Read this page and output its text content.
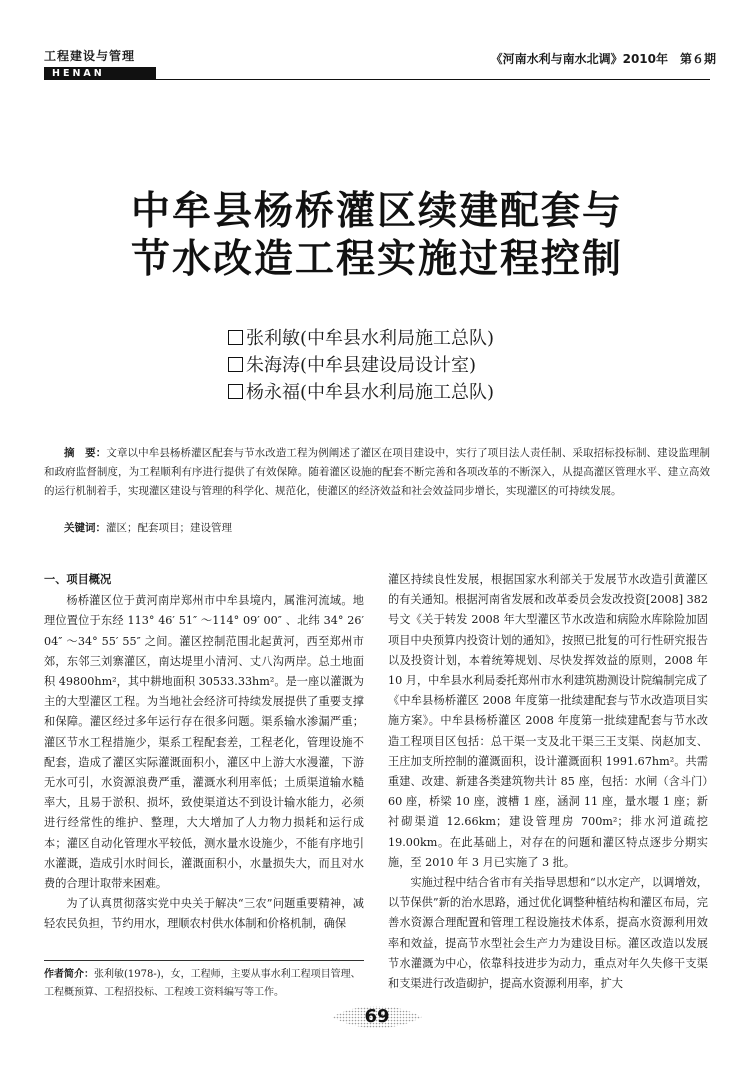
工程建设与管理	《河南水利与南水北调》2010年　第６期
HENAN
中牟县杨桥灌区续建配套与
节水改造工程实施过程控制
张利敏(中牟县水利局施工总队)
朱海涛(中牟县建设局设计室)
杨永福(中牟县水利局施工总队)
摘　要：文章以中牟县杨桥灌区配套与节水改造工程为例阐述了灌区在项目建设中，实行了项目法人责任制、采取招标投标制、建设监理制和政府监督制度，为工程顺利有序进行提供了有效保障。随着灌区设施的配套不断完善和各项改革的不断深入，从提高灌区管理水平、建立高效的运行机制着手，实现灌区建设与管理的科学化、规范化，使灌区的经济效益和社会效益同步增长，实现灌区的可持续发展。
关键词：灌区；配套项目；建设管理
一、项目概况

杨桥灌区位于黄河南岸郑州市中牟县境内，属淮河流域。地理位置位于东经 113° 46′ 51″ ～114° 09′ 00″ 、北纬 34° 26′ 04″ ～34° 55′ 55″ 之间。灌区控制范围北起黄河，西至郑州市郊，东邻三刘寨灌区，南达堤里小清河、丈八沟两岸。总土地面积 49800hm²，其中耕地面积 30533.33hm²。是一座以灌溉为主的大型灌区工程。为当地社会经济可持续发展提供了重要支撑和保障。灌区经过多年运行存在很多问题。渠系输水渗漏严重；灌区节水工程措施少，渠系工程配套差，工程老化，管理设施不配套，造成了灌区实际灌溉面积小，灌区中上游大水漫灌，下游无水可引，水资源浪费严重，灌溉水利用率低；土质渠道输水糙率大，且易于淤积、损坏，致使渠道达不到设计输水能力，必须进行经常性的维护、整理，大大增加了人力物力损耗和运行成本；灌区自动化管理水平较低，测水量水设施少，不能有序地引水灌溉，造成引水时间长，灌溉面积小，水量损失大，而且对水费的合理计取带来困难。

为了认真贯彻落实党中央关于解决“三农”问题重要精神，减轻农民负担，节约用水，理顺农村供水体制和价格机制，确保

灌区持续良性发展，根据国家水利部关于发展节水改造引黄灌区的有关通知。根据河南省发展和改革委员会发改投资[2008] 382 号文《关于转发 2008 年大型灌区节水改造和病险水库除险加固项目中央预算内投资计划的通知》，按照已批复的可行性研究报告以及投资计划，本着统筹规划、尽快发挥效益的原则，2008 年 10 月，中牟县水利局委托郑州市水利建筑勘测设计院编制完成了《中牟县杨桥灌区 2008 年度第一批续建配套与节水改造项目实施方案》。中牟县杨桥灌区 2008 年度第一批续建配套与节水改造工程项目区包括：总干渠一支及北干渠三王支渠、岗赵加支、王庄加支所控制的灌溉面积，设计灌溉面积 1991.67hm²。共需重建、改建、新建各类建筑物共计 85 座，包括：水闸（含斗门）60 座，桥梁 10 座，渡槽 1 座，涵洞 11 座，量水堰 1 座；新衬砌渠道 12.66km；建设管理房 700m²；排水河道疏挖 19.00km。在此基础上，对存在的问题和灌区特点逐步分期实施，至 2010 年 3 月已实施了 3 批。

实施过程中结合省市有关指导思想和“以水定产，以调增效，以节保供”新的治水思路，通过优化调整种植结构和灌区布局，完善水资源合理配置和管理工程设施技术体系，提高水资源利用效率和效益，提高节水型社会生产力为建设目标。灌区改造以发展节水灌溉为中心，依靠科技进步为动力，重点对年久失修干支渠和支渠进行改造砌护，提高水资源利用率，扩大

作者简介：张利敏(1978-)，女，工程师，主要从事水利工程项目管理、工程概预算、工程招投标、工程竣工资料编写等工作。
69
